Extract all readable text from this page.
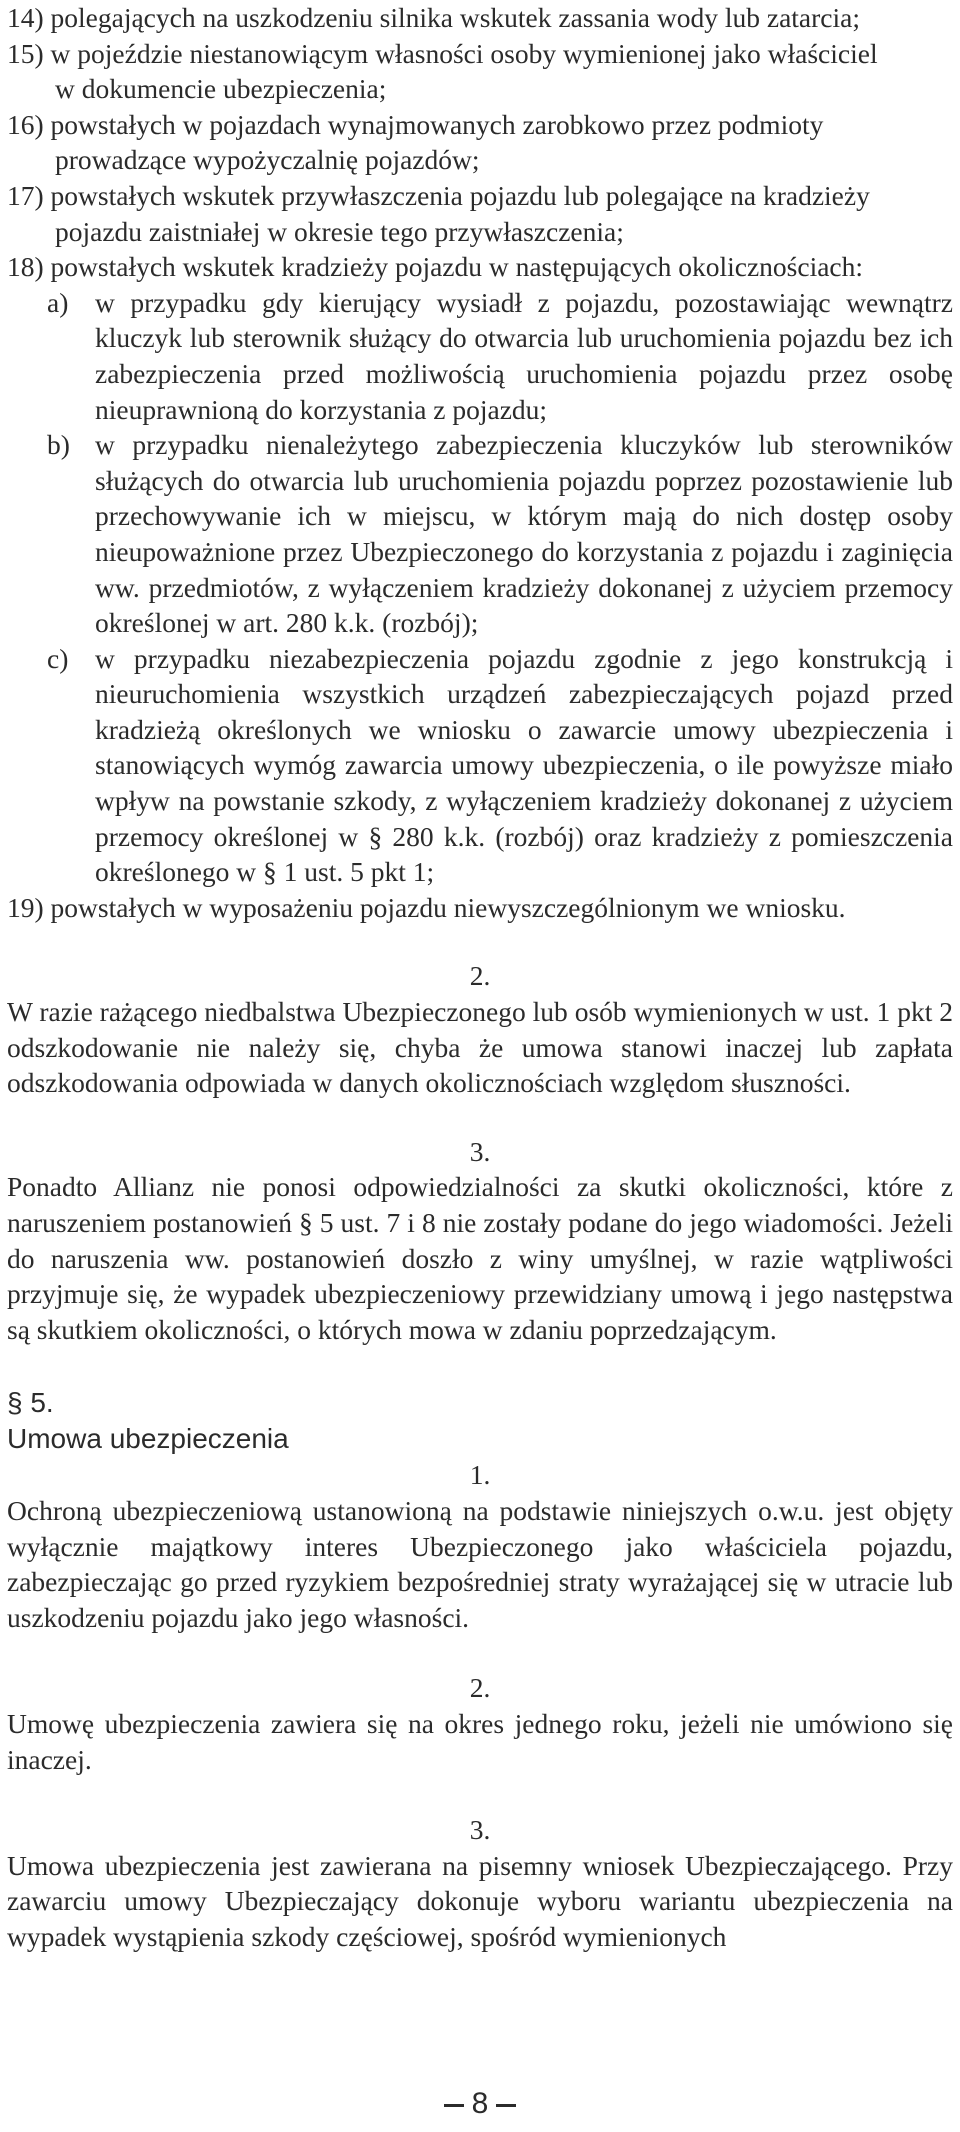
14) polegających na uszkodzeniu silnika wskutek zassania wody lub zatarcia;
15) w pojeździe niestanowiącym własności osoby wymienionej jako właściciel
w dokumencie ubezpieczenia;
16) powstałych w pojazdach wynajmowanych zarobkowo przez podmioty
prowadzące wypożyczalnię pojazdów;
17) powstałych wskutek przywłaszczenia pojazdu lub polegające na kradzieży
pojazdu zaistniałej w okresie tego przywłaszczenia;
18) powstałych wskutek kradzieży pojazdu w następujących okolicznościach:
a) w przypadku gdy kierujący wysiadł z pojazdu, pozostawiając wewnątrz kluczyk lub sterownik służący do otwarcia lub uruchomienia pojazdu bez ich zabezpieczenia przed możliwością uruchomienia pojazdu przez osobę nieuprawnioną do korzystania z pojazdu;
b) w przypadku nienależytego zabezpieczenia kluczyków lub sterowników służących do otwarcia lub uruchomienia pojazdu poprzez pozostawienie lub przechowywanie ich w miejscu, w którym mają do nich dostęp osoby nieupoważnione przez Ubezpieczonego do korzystania z pojazdu i zaginięcia ww. przedmiotów, z wyłączeniem kradzieży dokonanej z użyciem przemocy określonej w art. 280 k.k. (rozbój);
c) w przypadku niezabezpieczenia pojazdu zgodnie z jego konstrukcją i nieuruchomienia wszystkich urządzeń zabezpieczających pojazd przed kradzieżą określonych we wniosku o zawarcie umowy ubezpieczenia i stanowiących wymóg zawarcia umowy ubezpieczenia, o ile powyższe miało wpływ na powstanie szkody, z wyłączeniem kradzieży dokonanej z użyciem przemocy określonej w § 280 k.k. (rozbój) oraz kradzieży z pomieszczenia określonego w § 1 ust. 5 pkt 1;
19) powstałych w wyposażeniu pojazdu niewyszczególnionym we wniosku.
2.
W razie rażącego niedbalstwa Ubezpieczonego lub osób wymienionych w ust. 1 pkt 2 odszkodowanie nie należy się, chyba że umowa stanowi inaczej lub zapłata odszkodowania odpowiada w danych okolicznościach względom słuszności.
3.
Ponadto Allianz nie ponosi odpowiedzialności za skutki okoliczności, które z naruszeniem postanowień § 5 ust. 7 i 8 nie zostały podane do jego wiadomości. Jeżeli do naruszenia ww. postanowień doszło z winy umyślnej, w razie wątpliwości przyjmuje się, że wypadek ubezpieczeniowy przewidziany umową i jego następstwa są skutkiem okoliczności, o których mowa w zdaniu poprzedzającym.
§ 5.
Umowa ubezpieczenia
1.
Ochroną ubezpieczeniową ustanowioną na podstawie niniejszych o.w.u. jest objęty wyłącznie majątkowy interes Ubezpieczonego jako właściciela pojazdu, zabezpieczając go przed ryzykiem bezpośredniej straty wyrażającej się w utracie lub uszkodzeniu pojazdu jako jego własności.
2.
Umowę ubezpieczenia zawiera się na okres jednego roku, jeżeli nie umówiono się inaczej.
3.
Umowa ubezpieczenia jest zawierana na pisemny wniosek Ubezpieczającego. Przy zawarciu umowy Ubezpieczający dokonuje wyboru wariantu ubezpieczenia na wypadek wystąpienia szkody częściowej, spośród wymienionych
8
